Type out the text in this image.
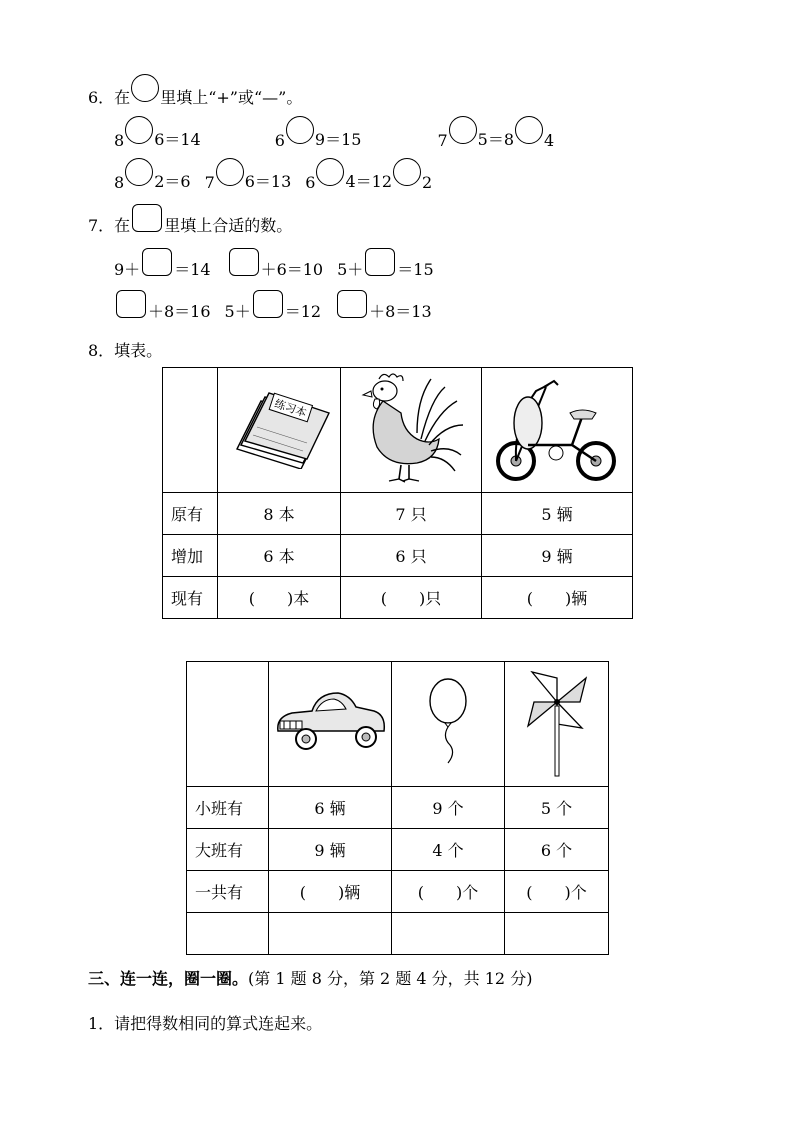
6．在 里填上“+”或“—”。
8 6＝14	6 9＝15	7 5＝8 4
8 2＝6 7 6＝13 6 4＝12 2
7．在 里填上合适的数。
9＋ ＝14	＋6＝10 5＋ ＝15
＋8＝16 5＋ ＝12	＋8＝13
8．填表。

练习本

原有	8 本	7 只	5 辆
增加	6 本	6 只	9 辆
现有	(　　)本	(　　)只	(　　)辆

小班有	6 辆	9 个	5 个
大班有	9 辆	4 个	6 个
一共有	(　　)辆	(　　)个	(　　)个

三、连一连，圈一圈。(第 1 题 8 分，第 2 题 4 分，共 12 分)
1．请把得数相同的算式连起来。
